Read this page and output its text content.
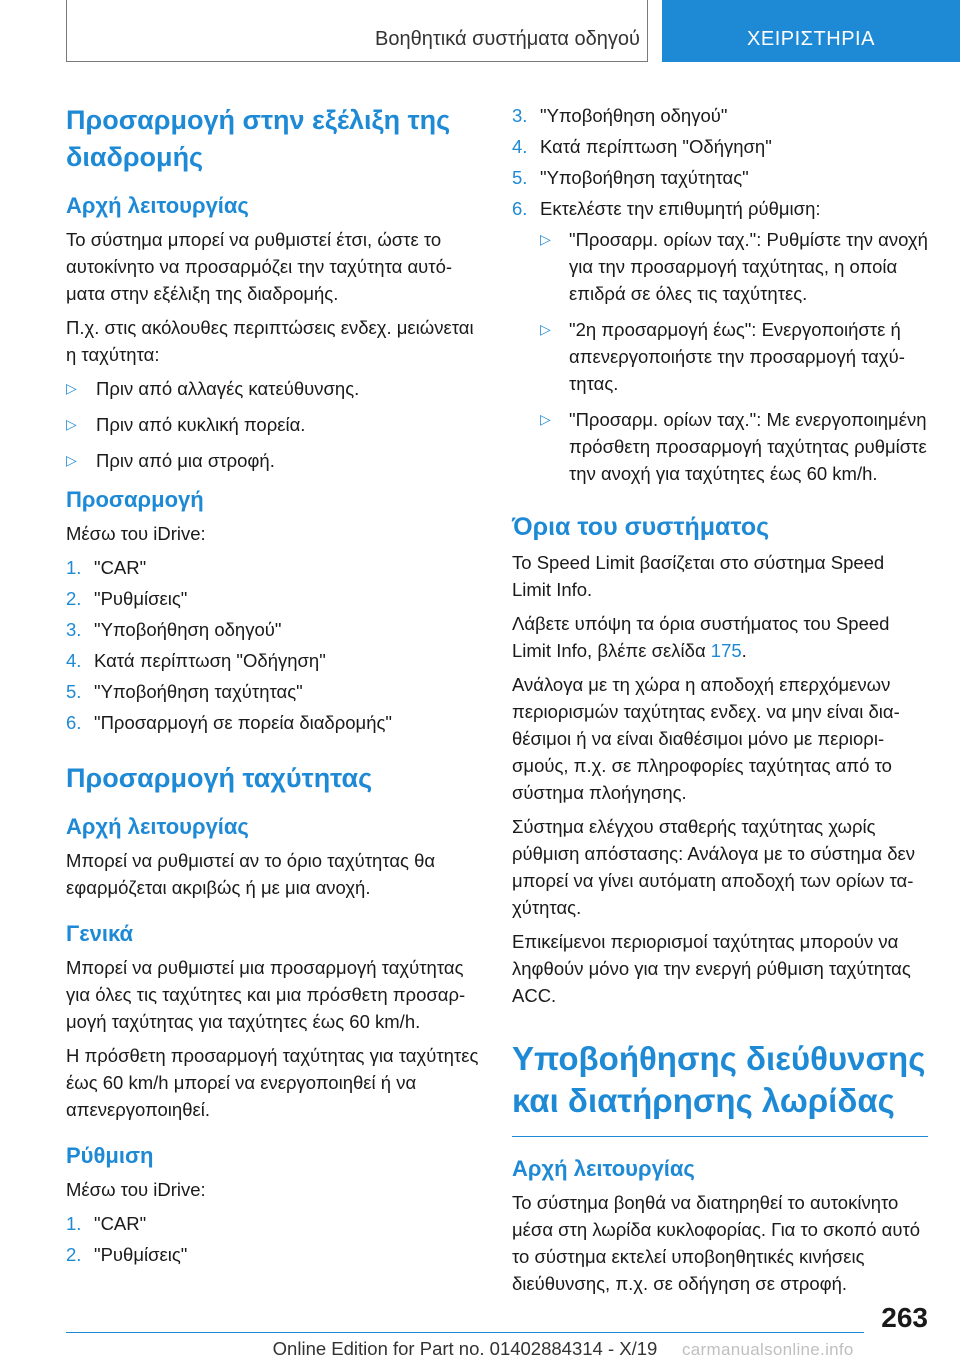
Βοηθητικά συστήματα οδηγού	ΧΕΙΡΙΣΤΗΡΙΑ
Προσαρμογή στην εξέλιξη της διαδρομής
Αρχή λειτουργίας
Το σύστημα μπορεί να ρυθμιστεί έτσι, ώστε το αυτοκίνητο να προσαρμόζει την ταχύτητα αυτόματα στην εξέλιξη της διαδρομής.
Π.χ. στις ακόλουθες περιπτώσεις ενδεχ. μειώνεται η ταχύτητα:
▷ Πριν από αλλαγές κατεύθυνσης.
▷ Πριν από κυκλική πορεία.
▷ Πριν από μια στροφή.
Προσαρμογή
Μέσω του iDrive:
1. "CAR"
2. "Ρυθμίσεις"
3. "Υποβοήθηση οδηγού"
4. Κατά περίπτωση "Οδήγηση"
5. "Υποβοήθηση ταχύτητας"
6. "Προσαρμογή σε πορεία διαδρομής"
Προσαρμογή ταχύτητας
Αρχή λειτουργίας
Μπορεί να ρυθμιστεί αν το όριο ταχύτητας θα εφαρμόζεται ακριβώς ή με μια ανοχή.
Γενικά
Μπορεί να ρυθμιστεί μια προσαρμογή ταχύτητας για όλες τις ταχύτητες και μια πρόσθετη προσαρμογή ταχύτητας για ταχύτητες έως 60 km/h.
Η πρόσθετη προσαρμογή ταχύτητας για ταχύτητες έως 60 km/h μπορεί να ενεργοποιηθεί ή να απενεργοποιηθεί.
Ρύθμιση
Μέσω του iDrive:
1. "CAR"
2. "Ρυθμίσεις"
3. "Υποβοήθηση οδηγού"
4. Κατά περίπτωση "Οδήγηση"
5. "Υποβοήθηση ταχύτητας"
6. Εκτελέστε την επιθυμητή ρύθμιση:
▷ "Προσαρμ. ορίων ταχ.": Ρυθμίστε την ανοχή για την προσαρμογή ταχύτητας, η οποία επιδρά σε όλες τις ταχύτητες.
▷ "2η προσαρμογή έως": Ενεργοποιήστε ή απενεργοποιήστε την προσαρμογή ταχύτητας.
▷ "Προσαρμ. ορίων ταχ.": Με ενεργοποιημένη πρόσθετη προσαρμογή ταχύτητας ρυθμίστε την ανοχή για ταχύτητες έως 60 km/h.
Όρια του συστήματος
Το Speed Limit βασίζεται στο σύστημα Speed Limit Info.
Λάβετε υπόψη τα όρια συστήματος του Speed Limit Info, βλέπε σελίδα 175.
Ανάλογα με τη χώρα η αποδοχή επερχόμενων περιορισμών ταχύτητας ενδεχ. να μην είναι διαθέσιμοι ή να είναι διαθέσιμοι μόνο με περιορισμούς, π.χ. σε πληροφορίες ταχύτητας από το σύστημα πλοήγησης.
Σύστημα ελέγχου σταθερής ταχύτητας χωρίς ρύθμιση απόστασης: Ανάλογα με το σύστημα δεν μπορεί να γίνει αυτόματη αποδοχή των ορίων ταχύτητας.
Επικείμενοι περιορισμοί ταχύτητας μπορούν να ληφθούν μόνο για την ενεργή ρύθμιση ταχύτητας ACC.
Υποβοήθησης διεύθυνσης και διατήρησης λωρίδας
Αρχή λειτουργίας
Το σύστημα βοηθά να διατηρηθεί το αυτοκίνητο μέσα στη λωρίδα κυκλοφορίας. Για το σκοπό αυτό το σύστημα εκτελεί υποβοηθητικές κινήσεις διεύθυνσης, π.χ. σε οδήγηση σε στροφή.
263
Online Edition for Part no. 01402884314 - X/19	carmanualsonline.info
